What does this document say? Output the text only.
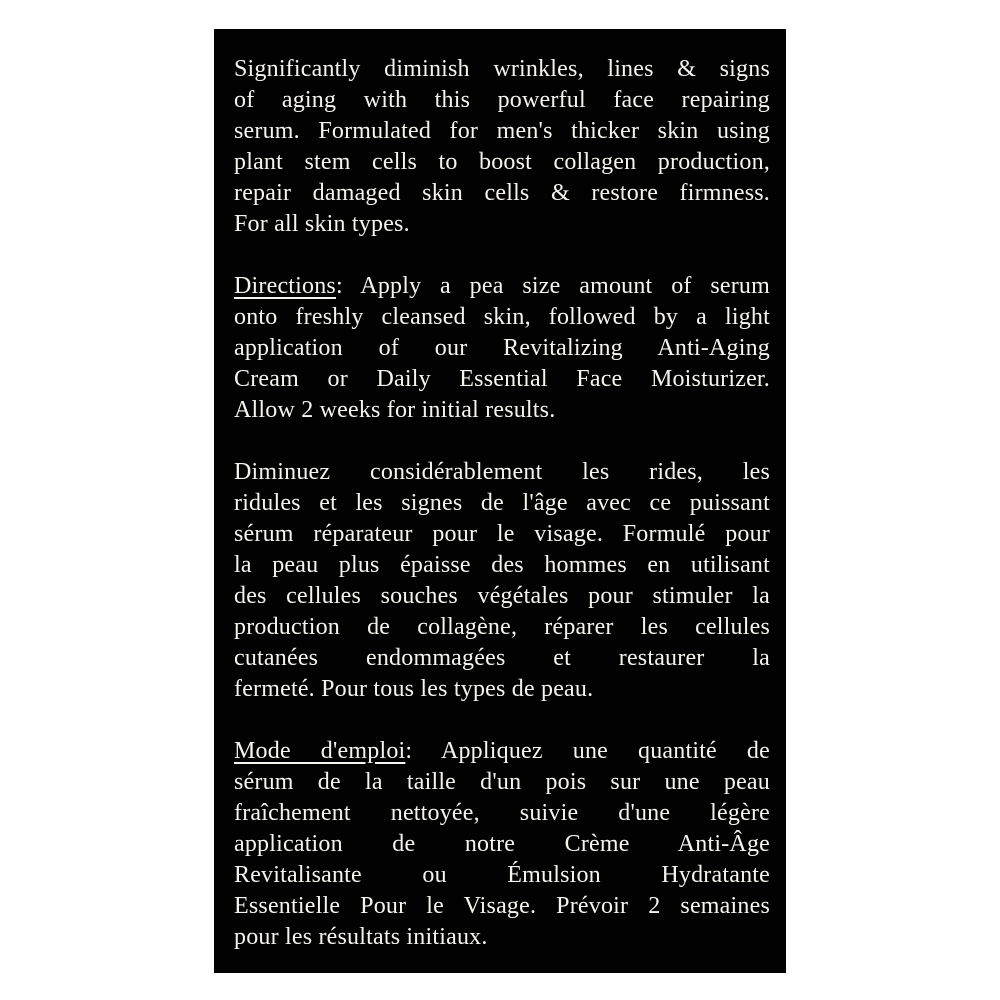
Significantly diminish wrinkles, lines & signs
of aging with this powerful face repairing
serum. Formulated for men's thicker skin using
plant stem cells to boost collagen production,
repair damaged skin cells & restore firmness.
For all skin types.
Directions: Apply a pea size amount of serum
onto freshly cleansed skin, followed by a light
application of our Revitalizing Anti-Aging
Cream or Daily Essential Face Moisturizer.
Allow 2 weeks for initial results.
Diminuez considérablement les rides, les
ridules et les signes de l'âge avec ce puissant
sérum réparateur pour le visage. Formulé pour
la peau plus épaisse des hommes en utilisant
des cellules souches végétales pour stimuler la
production de collagène, réparer les cellules
cutanées endommagées et restaurer la
fermeté. Pour tous les types de peau.
Mode d'emploi: Appliquez une quantité de
sérum de la taille d'un pois sur une peau
fraîchement nettoyée, suivie d'une légère
application de notre Crème Anti-Âge
Revitalisante ou Émulsion Hydratante
Essentielle Pour le Visage. Prévoir 2 semaines
pour les résultats initiaux.
